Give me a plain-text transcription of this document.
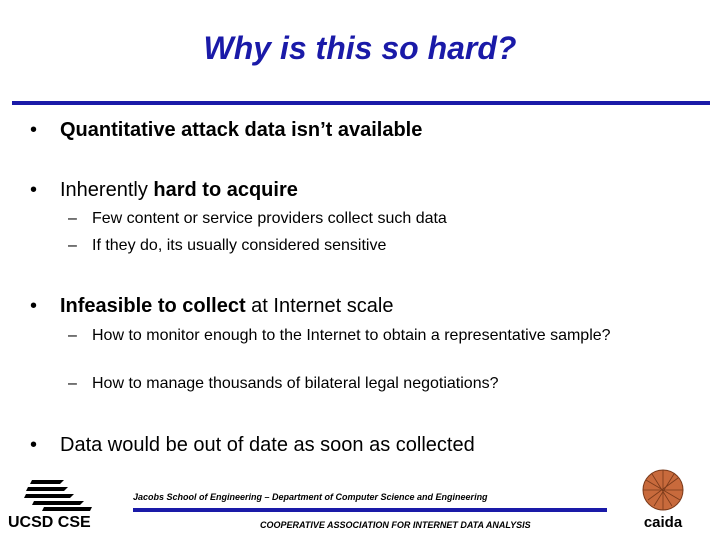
Why is this so hard?
• Quantitative attack data isn’t available
• Inherently hard to acquire
– Few content or service providers collect such data
– If they do, its usually considered sensitive
• Infeasible to collect at Internet scale
– How to monitor enough to the Internet to obtain a representative sample?
– How to manage thousands of bilateral legal negotiations?
• Data would be out of date as soon as collected
UCSD CSE
Jacobs School of Engineering – Department of Computer Science and Engineering
COOPERATIVE ASSOCIATION FOR INTERNET DATA ANALYSIS	caida
